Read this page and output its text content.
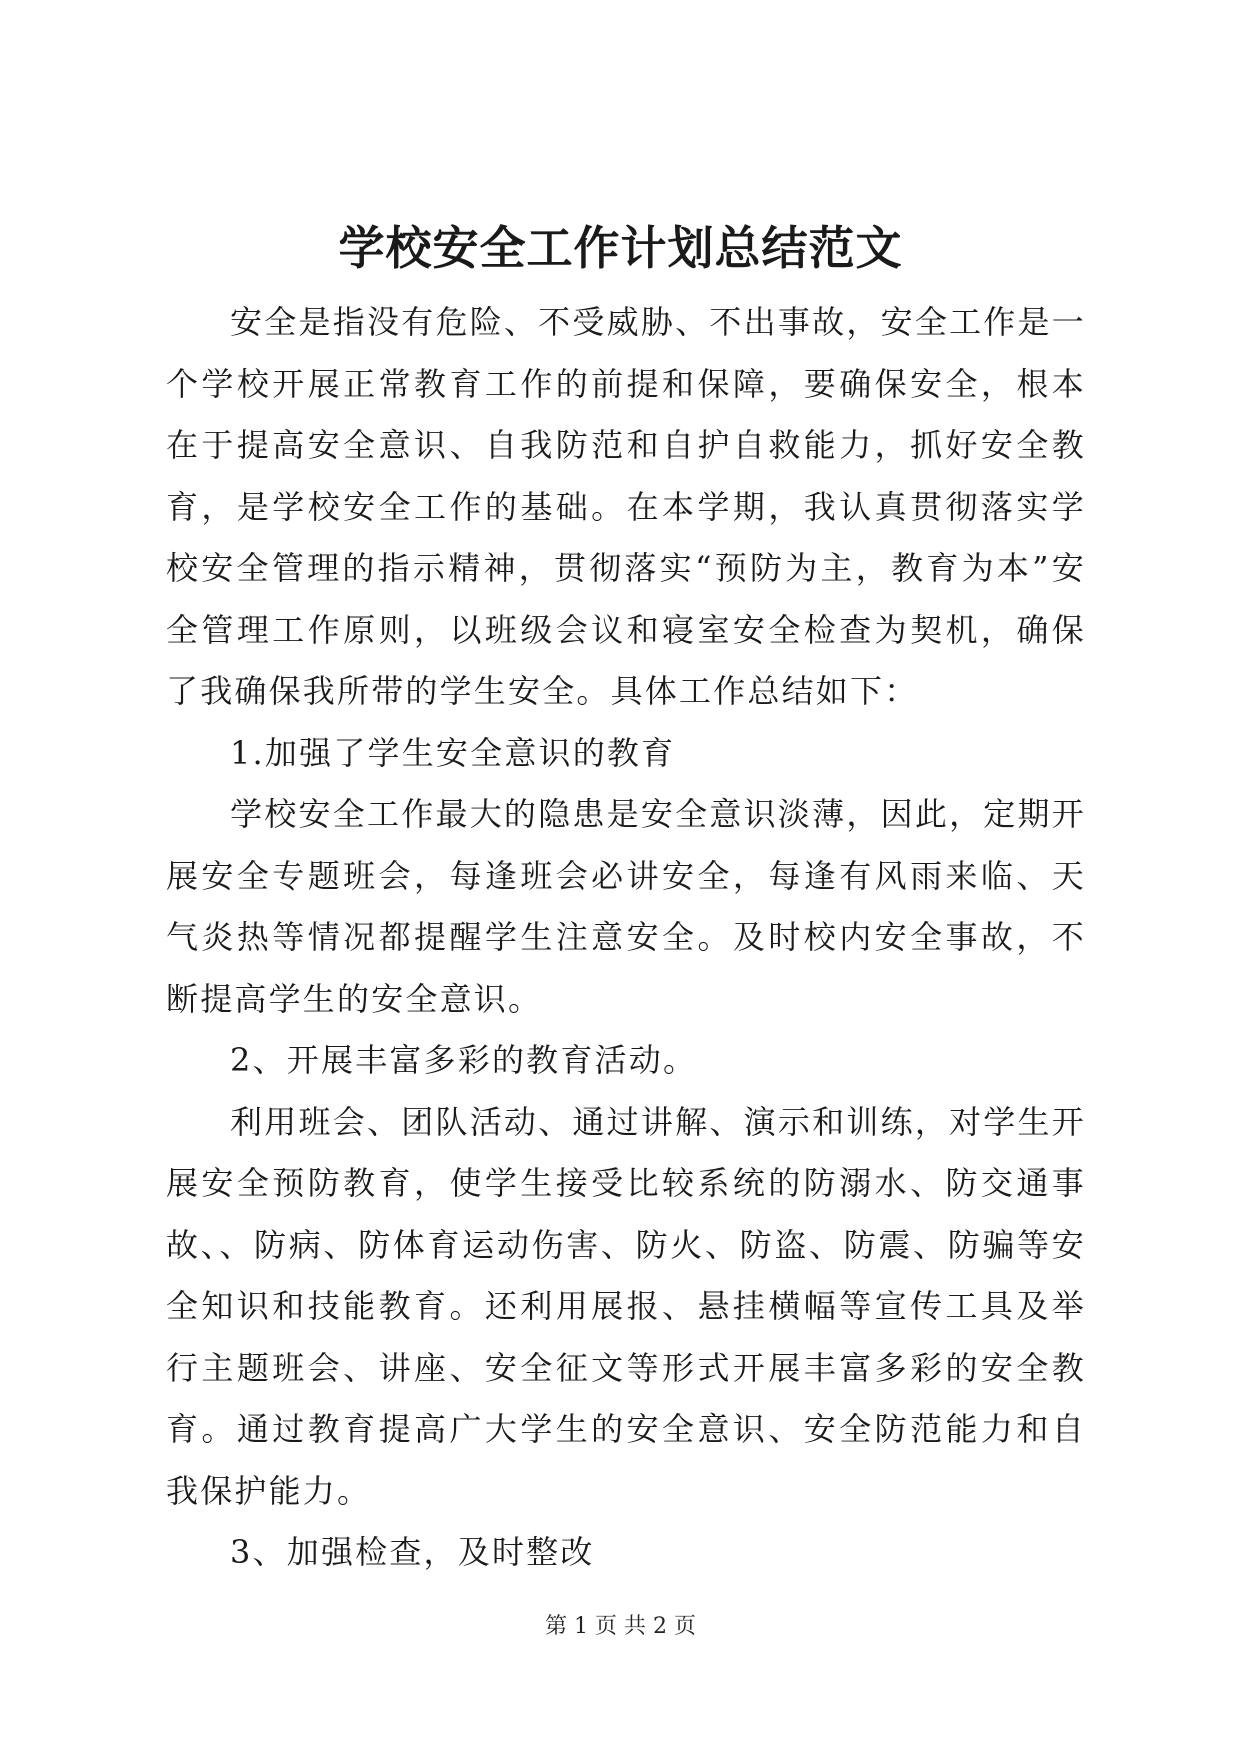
学校安全工作计划总结范文

安全是指没有危险、不受威胁、不出事故，安全工作是一个学校开展正常教育工作的前提和保障，要确保安全，根本在于提高安全意识、自我防范和自护自救能力，抓好安全教育，是学校安全工作的基础。在本学期，我认真贯彻落实学校安全管理的指示精神，贯彻落实“预防为主，教育为本”安全管理工作原则，以班级会议和寝室安全检查为契机，确保了我确保我所带的学生安全。具体工作总结如下：

1.加强了学生安全意识的教育

学校安全工作最大的隐患是安全意识淡薄，因此，定期开展安全专题班会，每逢班会必讲安全，每逢有风雨来临、天气炎热等情况都提醒学生注意安全。及时校内安全事故，不断提高学生的安全意识。

2、开展丰富多彩的教育活动。

利用班会、团队活动、通过讲解、演示和训练，对学生开展安全预防教育，使学生接受比较系统的防溺水、防交通事故、、防病、防体育运动伤害、防火、防盗、防震、防骗等安全知识和技能教育。还利用展报、悬挂横幅等宣传工具及举行主题班会、讲座、安全征文等形式开展丰富多彩的安全教育。通过教育提高广大学生的安全意识、安全防范能力和自我保护能力。

3、加强检查，及时整改

第 1 页 共 2 页
